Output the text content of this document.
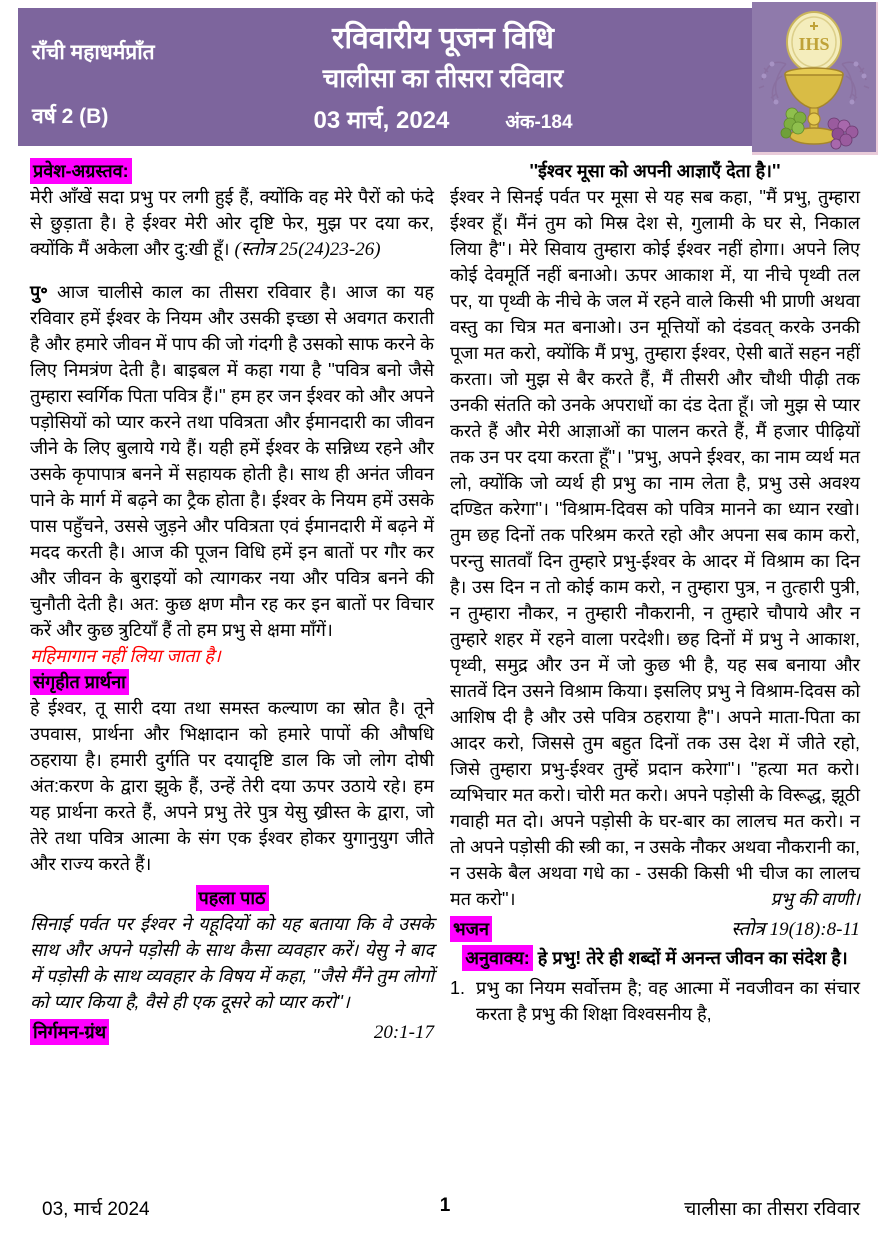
राँची महाधर्मप्राँत
वर्ष 2 (B)
रविवारीय पूजन विधि
चालीसा का तीसरा रविवार
03 मार्च, 2024	अंक-184
IHS
प्रवेश-अग्रस्तव:

मेरी आँखें सदा प्रभु पर लगी हुई हैं, क्योंकि वह मेरे पैरों को फंदे से छुड़ाता है। हे ईश्वर मेरी ओर दृष्टि फेर, मुझ पर दया कर, क्योंकि मैं अकेला और दु:खी हूँ। (स्तोत्र 25(24)23-26)

पु॰ आज चालीसे काल का तीसरा रविवार है। आज का यह रविवार हमें ईश्वर के नियम और उसकी इच्छा से अवगत कराती है और हमारे जीवन में पाप की जो गंदगी है उसको साफ करने के लिए निमत्रंण देती है। बाइबल में कहा गया है ''पवित्र बनो जैसे तुम्हारा स्वर्गिक पिता पवित्र हैं।'' हम हर जन ईश्वर को और अपने पड़ोसियों को प्यार करने तथा पवित्रता और ईमानदारी का जीवन जीने के लिए बुलाये गये हैं। यही हमें ईश्वर के सन्निध्य रहने और उसके कृपापात्र बनने में सहायक होती है। साथ ही अनंत जीवन पाने के मार्ग में बढ़ने का ट्रैक होता है। ईश्वर के नियम हमें उसके पास पहुँचने, उससे जुड़ने और पवित्रता एवं ईमानदारी में बढ़ने में मदद करती है। आज की पूजन विधि हमें इन बातों पर गौर कर और जीवन के बुराइयों को त्यागकर नया और पवित्र बनने की चुनौती देती है। अत: कुछ क्षण मौन रह कर इन बातों पर विचार करें और कुछ त्रुटियाँ हैं तो हम प्रभु से क्षमा माँगें।

महिमागान नहीं लिया जाता है।

संगृहीत प्रार्थना

हे ईश्वर, तू सारी दया तथा समस्त कल्याण का स्रोत है। तूने उपवास, प्रार्थना और भिक्षादान को हमारे पापों की औषधि ठहराया है। हमारी दुर्गति पर दयादृष्टि डाल कि जो लोग दोषी अंत:करण के द्वारा झुके हैं, उन्हें तेरी दया ऊपर उठाये रहे। हम यह प्रार्थना करते हैं, अपने प्रभु तेरे पुत्र येसु ख्रीस्त के द्वारा, जो तेरे तथा पवित्र आत्मा के संग एक ईश्वर होकर युगानुयुग जीते और राज्य करते हैं।

पहला पाठ

सिनाई पर्वत पर ईश्वर ने यहूदियों को यह बताया कि वे उसके साथ और अपने पड़ोसी के साथ कैसा व्यवहार करें। येसु ने बाद में पड़ोसी के साथ व्यवहार के विषय में कहा, ''जैसे मैंने तुम लोगों को प्यार किया है, वैसे ही एक दूसरे को प्यार करो''।

निर्गमन-ग्रंथ	20:1-17
''ईश्वर मूसा को अपनी आज्ञाएँ देता है।''

ईश्वर ने सिनई पर्वत पर मूसा से यह सब कहा, ''मैं प्रभु, तुम्हारा ईश्वर हूँ। मैंनं तुम को मिस्र देश से, गुलामी के घर से, निकाल लिया है''। मेरे सिवाय तुम्हारा कोई ईश्वर नहीं होगा। अपने लिए कोई देवमूर्ति नहीं बनाओ। ऊपर आकाश में, या नीचे पृथ्वी तल पर, या पृथ्वी के नीचे के जल में रहने वाले किसी भी प्राणी अथवा वस्तु का चित्र मत बनाओ। उन मूत्तियों को दंडवत् करके उनकी पूजा मत करो, क्योंकि मैं प्रभु, तुम्हारा ईश्वर, ऐसी बातें सहन नहीं करता। जो मुझ से बैर करते हैं, मैं तीसरी और चौथी पीढ़ी तक उनकी संतति को उनके अपराधों का दंड देता हूँ। जो मुझ से प्यार करते हैं और मेरी आज्ञाओं का पालन करते हैं, मैं हजार पीढ़ियों तक उन पर दया करता हूँ''। ''प्रभु, अपने ईश्वर, का नाम व्यर्थ मत लो, क्योंकि जो व्यर्थ ही प्रभु का नाम लेता है, प्रभु उसे अवश्य दण्डित करेगा''। ''विश्राम-दिवस को पवित्र मानने का ध्यान रखो। तुम छह दिनों तक परिश्रम करते रहो और अपना सब काम करो, परन्तु सातवाँ दिन तुम्हारे प्रभु-ईश्वर के आदर में विश्राम का दिन है। उस दिन न तो कोई काम करो, न तुम्हारा पुत्र, न तुत्हारी पुत्री, न तुम्हारा नौकर, न तुम्हारी नौकरानी, न तुम्हारे चौपाये और न तुम्हारे शहर में रहने वाला परदेशी। छह दिनों में प्रभु ने आकाश, पृथ्वी, समुद्र और उन में जो कुछ भी है, यह सब बनाया और सातवें दिन उसने विश्राम किया। इसलिए प्रभु ने विश्राम-दिवस को आशिष दी है और उसे पवित्र ठहराया है''। अपने माता-पिता का आदर करो, जिससे तुम बहुत दिनों तक उस देश में जीते रहो, जिसे तुम्हारा प्रभु-ईश्वर तुम्हें प्रदान करेगा''। ''हत्या मत करो। व्यभिचार मत करो। चोरी मत करो। अपने पड़ोसी के विरूद्ध, झूठी गवाही मत दो। अपने पड़ोसी के घर-बार का लालच मत करो। न तो अपने पड़ोसी की स्त्री का, न उसके नौकर अथवा नौकरानी का, न उसके बैल अथवा गधे का - उसकी किसी भी चीज का लालच मत करो''।	प्रभु की वाणी।

भजन	स्तोत्र 19(18):8-11

अनुवाक्य: हे प्रभु! तेरे ही शब्दों में अनन्त जीवन का संदेश है।

1. प्रभु का नियम सर्वोत्तम है; वह आत्मा में नवजीवन का संचार करता है प्रभु की शिक्षा विश्वसनीय है,
03, मार्च 2024	1	चालीसा का तीसरा रविवार
